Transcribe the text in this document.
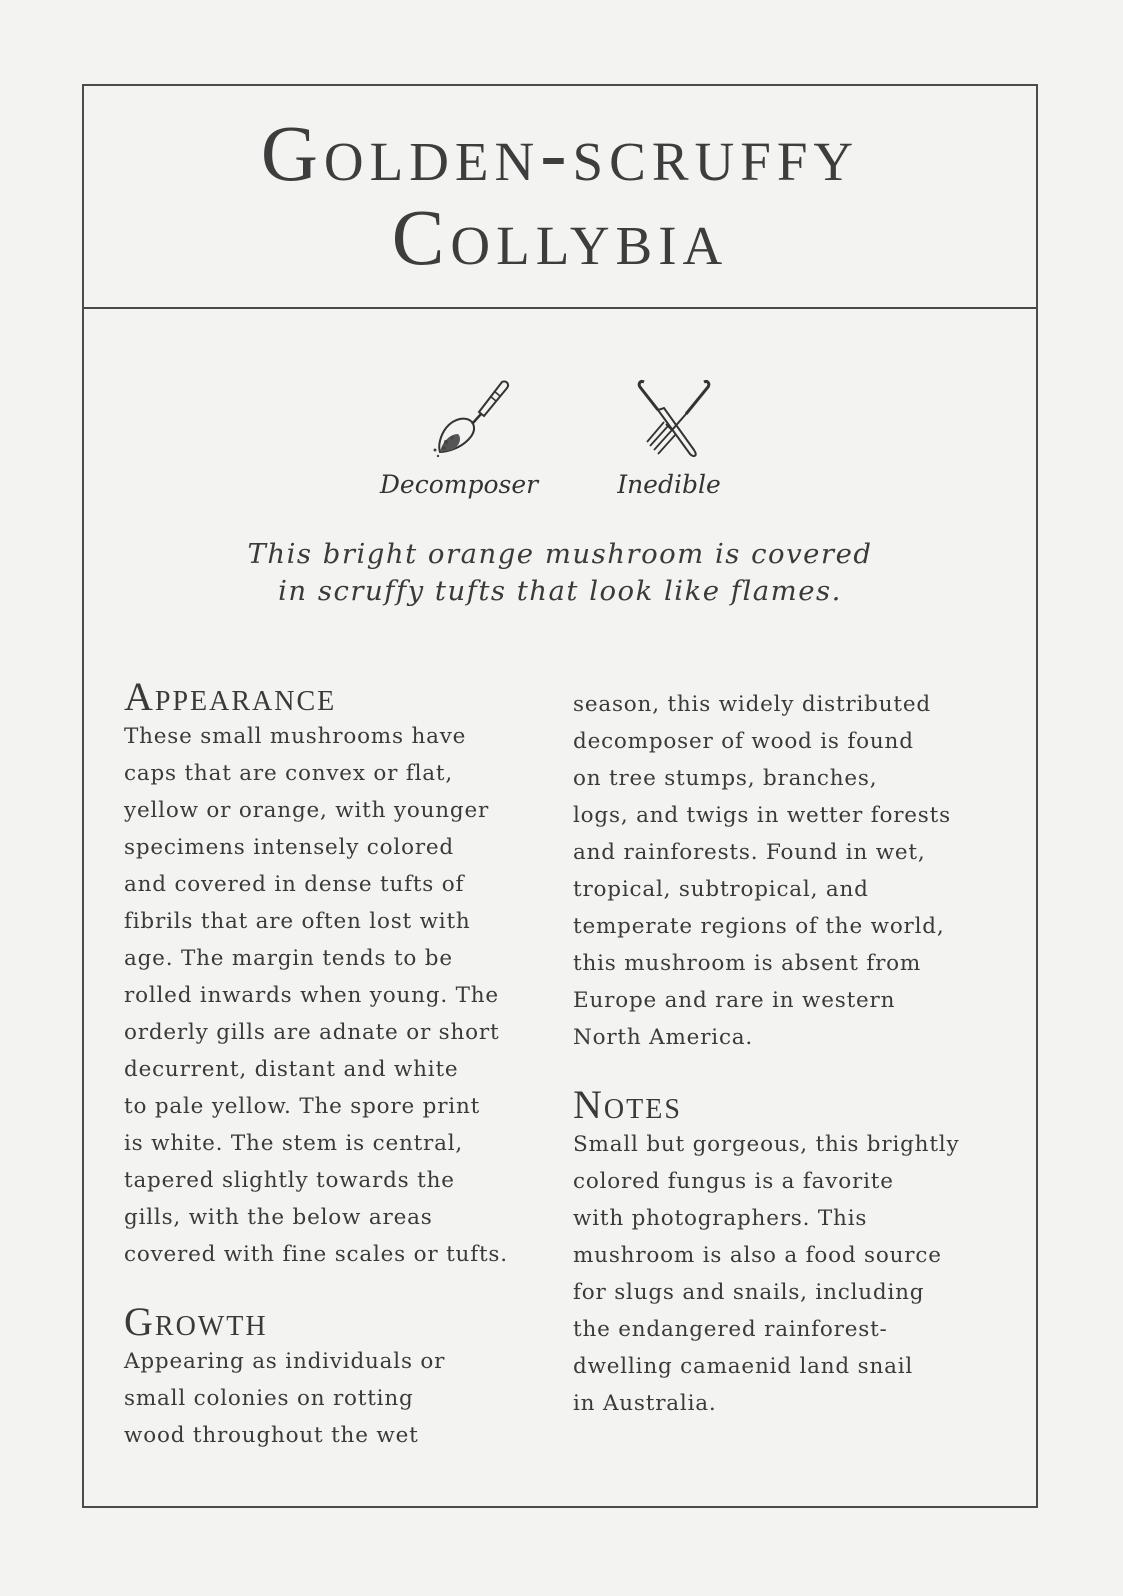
Golden-scruffy
Collybia
Decomposer	Inedible
This bright orange mushroom is covered
in scruffy tufts that look like flames.
Appearance
These small mushrooms have
caps that are convex or flat,
yellow or orange, with younger
specimens intensely colored
and covered in dense tufts of
fibrils that are often lost with
age. The margin tends to be
rolled inwards when young. The
orderly gills are adnate or short
decurrent, distant and white
to pale yellow. The spore print
is white. The stem is central,
tapered slightly towards the
gills, with the below areas
covered with fine scales or tufts.
Growth
Appearing as individuals or
small colonies on rotting
wood throughout the wet
season, this widely distributed
decomposer of wood is found
on tree stumps, branches,
logs, and twigs in wetter forests
and rainforests. Found in wet,
tropical, subtropical, and
temperate regions of the world,
this mushroom is absent from
Europe and rare in western
North America.
Notes
Small but gorgeous, this brightly
colored fungus is a favorite
with photographers. This
mushroom is also a food source
for slugs and snails, including
the endangered rainforest-
dwelling camaenid land snail
in Australia.
